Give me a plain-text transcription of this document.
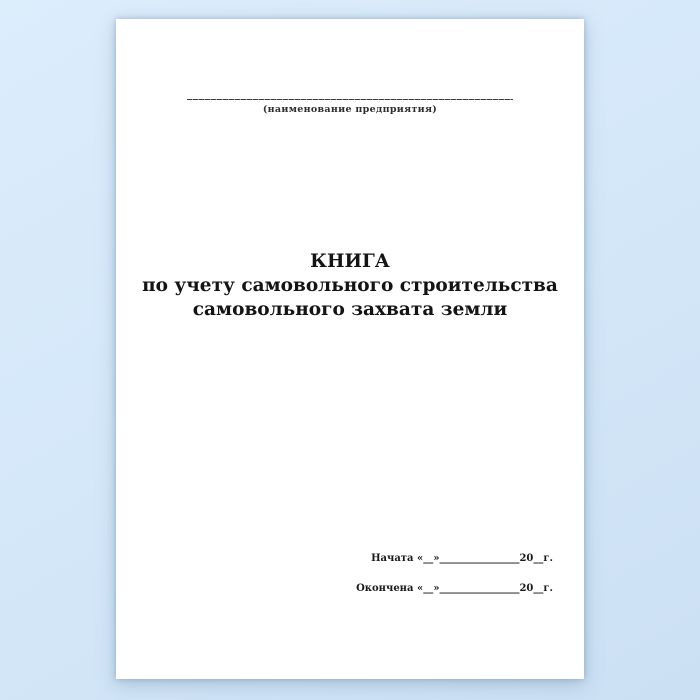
(наименование предприятия)
КНИГА
по учету самовольного строительства
самовольного захвата земли
Начата «__»________________20__г.
Окончена «__»________________20__г.
